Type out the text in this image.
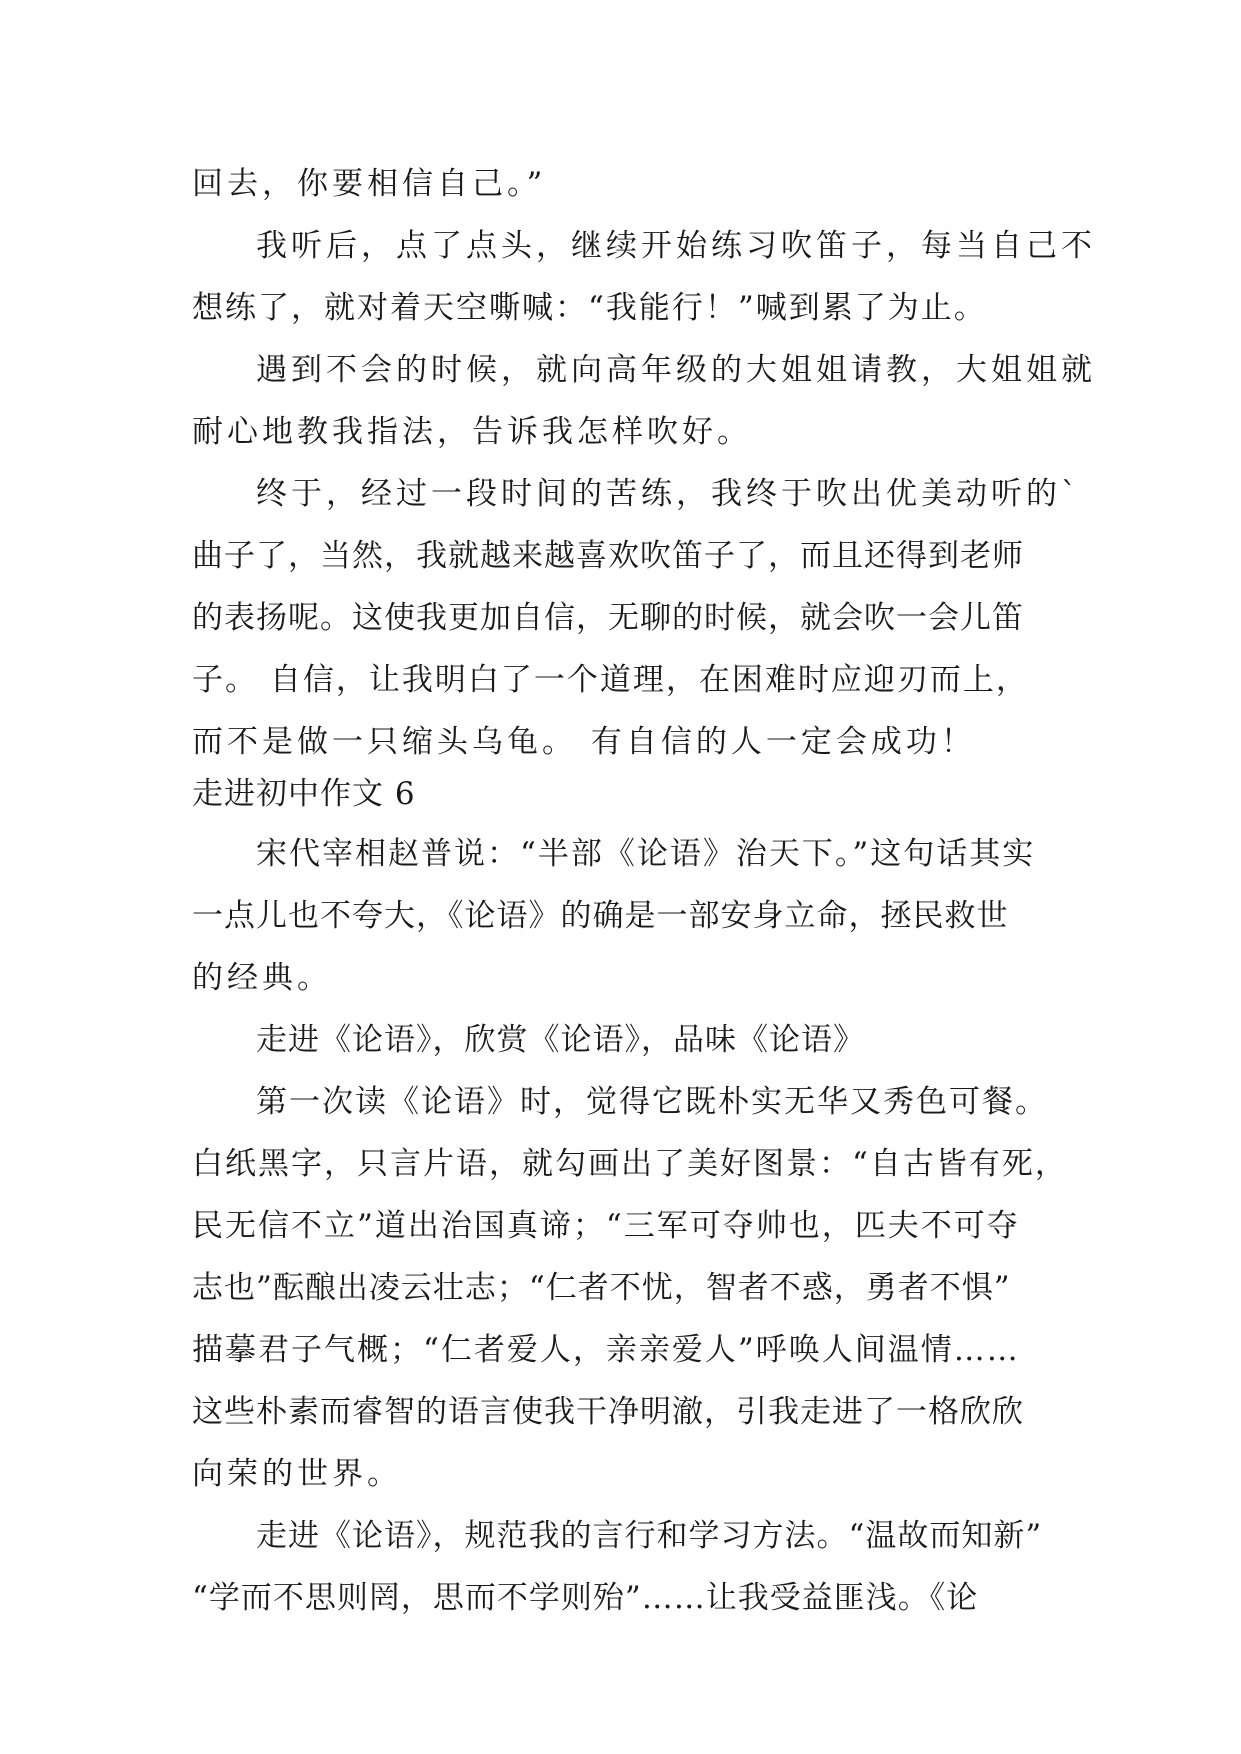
回去，你要相信自己。”
我听后，点了点头，继续开始练习吹笛子，每当自己不
想练了，就对着天空嘶喊：“我能行！”喊到累了为止。
遇到不会的时候，就向高年级的大姐姐请教，大姐姐就
耐心地教我指法，告诉我怎样吹好。
终于，经过一段时间的苦练，我终于吹出优美动听的`
曲子了，当然，我就越来越喜欢吹笛子了，而且还得到老师
的表扬呢。这使我更加自信，无聊的时候，就会吹一会儿笛
子。 自信，让我明白了一个道理，在困难时应迎刃而上，
而不是做一只缩头乌龟。 有自信的人一定会成功！
走进初中作文 6
宋代宰相赵普说：“半部《论语》治天下。”这句话其实
一点儿也不夸大，《论语》的确是一部安身立命，拯民救世
的经典。
走进《论语》，欣赏《论语》，品味《论语》
第一次读《论语》时，觉得它既朴实无华又秀色可餐。
白纸黑字，只言片语，就勾画出了美好图景：“自古皆有死，
民无信不立”道出治国真谛；“三军可夺帅也，匹夫不可夺
志也”酝酿出凌云壮志；“仁者不忧，智者不惑，勇者不惧”
描摹君子气概；“仁者爱人，亲亲爱人”呼唤人间温情……
这些朴素而睿智的语言使我干净明澈，引我走进了一格欣欣
向荣的世界。
走进《论语》，规范我的言行和学习方法。“温故而知新”
“学而不思则罔，思而不学则殆”……让我受益匪浅。《论
